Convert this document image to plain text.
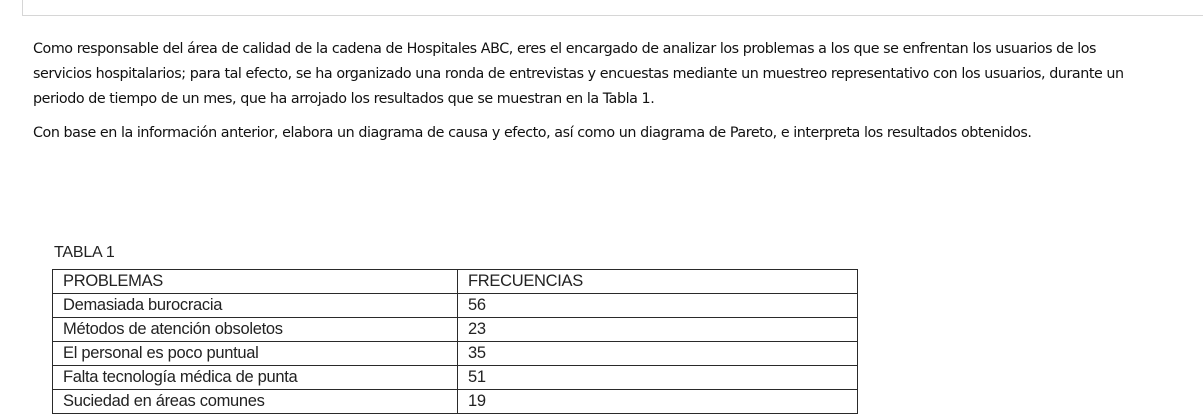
Como responsable del área de calidad de la cadena de Hospitales ABC, eres el encargado de analizar los problemas a los que se enfrentan los usuarios de los servicios hospitalarios; para tal efecto, se ha organizado una ronda de entrevistas y encuestas mediante un muestreo representativo con los usuarios, durante un periodo de tiempo de un mes, que ha arrojado los resultados que se muestran en la Tabla 1.

Con base en la información anterior, elabora un diagrama de causa y efecto, así como un diagrama de Pareto, e interpreta los resultados obtenidos.

TABLA 1
PROBLEMAS	FRECUENCIAS
Demasiada burocracia	56
Métodos de atención obsoletos	23
El personal es poco puntual	35
Falta tecnología médica de punta	51
Suciedad en áreas comunes	19
